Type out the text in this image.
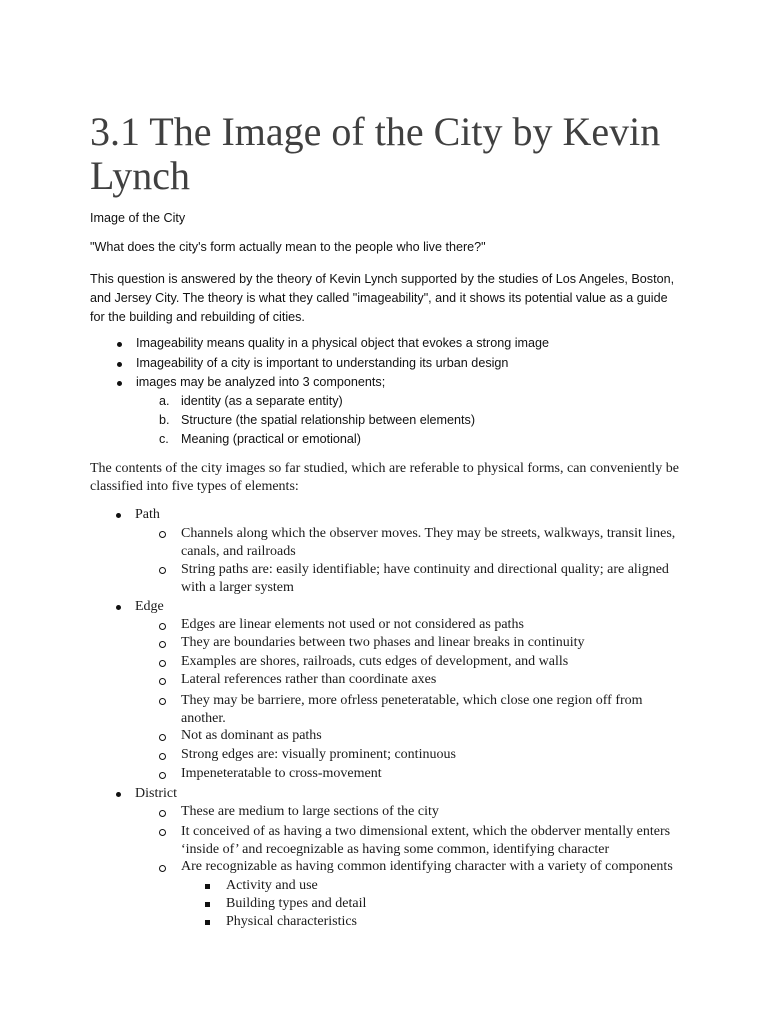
3.1 The Image of the City by Kevin Lynch

Image of the City

"What does the city's form actually mean to the people who live there?"

This question is answered by the theory of Kevin Lynch supported by the studies of Los Angeles, Boston, and Jersey City. The theory is what they called "imageability", and it shows its potential value as a guide for the building and rebuilding of cities.

Imageability means quality in a physical object that evokes a strong image
Imageability of a city is important to understanding its urban design
images may be analyzed into 3 components;
a. identity (as a separate entity)
b. Structure (the spatial relationship between elements)
c. Meaning (practical or emotional)

The contents of the city images so far studied, which are referable to physical forms, can conveniently be classified into five types of elements:

Path
Channels along which the observer moves. They may be streets, walkways, transit lines, canals, and railroads
String paths are: easily identifiable; have continuity and directional quality; are aligned with a larger system
Edge
Edges are linear elements not used or not considered as paths
They are boundaries between two phases and linear breaks in continuity
Examples are shores, railroads, cuts edges of development, and walls
Lateral references rather than coordinate axes
They may be barriere, more ofrless peneteratable, which close one region off from another.
Not as dominant as paths
Strong edges are: visually prominent; continuous
Impeneteratable to cross-movement
District
These are medium to large sections of the city
It conceived of as having a two dimensional extent, which the obderver mentally enters ‘inside of’ and recoegnizable as having some common, identifying character
Are recognizable as having common identifying character with a variety of components
Activity and use
Building types and detail
Physical characteristics
